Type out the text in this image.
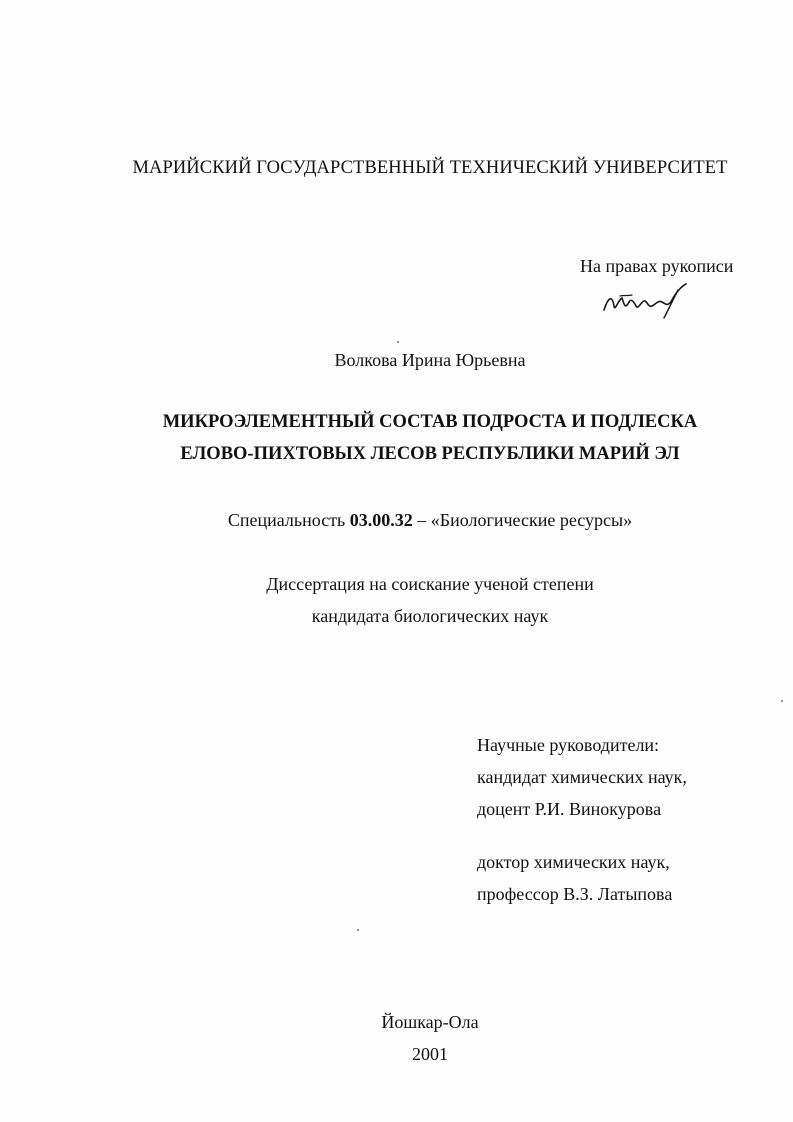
МАРИЙСКИЙ ГОСУДАРСТВЕННЫЙ ТЕХНИЧЕСКИЙ УНИВЕРСИТЕТ
На правах рукописи
Волкова Ирина Юрьевна
МИКРОЭЛЕМЕНТНЫЙ СОСТАВ ПОДРОСТА И ПОДЛЕСКА
ЕЛОВО-ПИХТОВЫХ ЛЕСОВ РЕСПУБЛИКИ МАРИЙ ЭЛ
Специальность 03.00.32 – «Биологические ресурсы»
Диссертация на соискание ученой степени
кандидата биологических наук
Научные руководители:
кандидат химических наук,
доцент Р.И. Винокурова
доктор химических наук,
профессор В.З. Латыпова
Йошкар-Ола
2001
